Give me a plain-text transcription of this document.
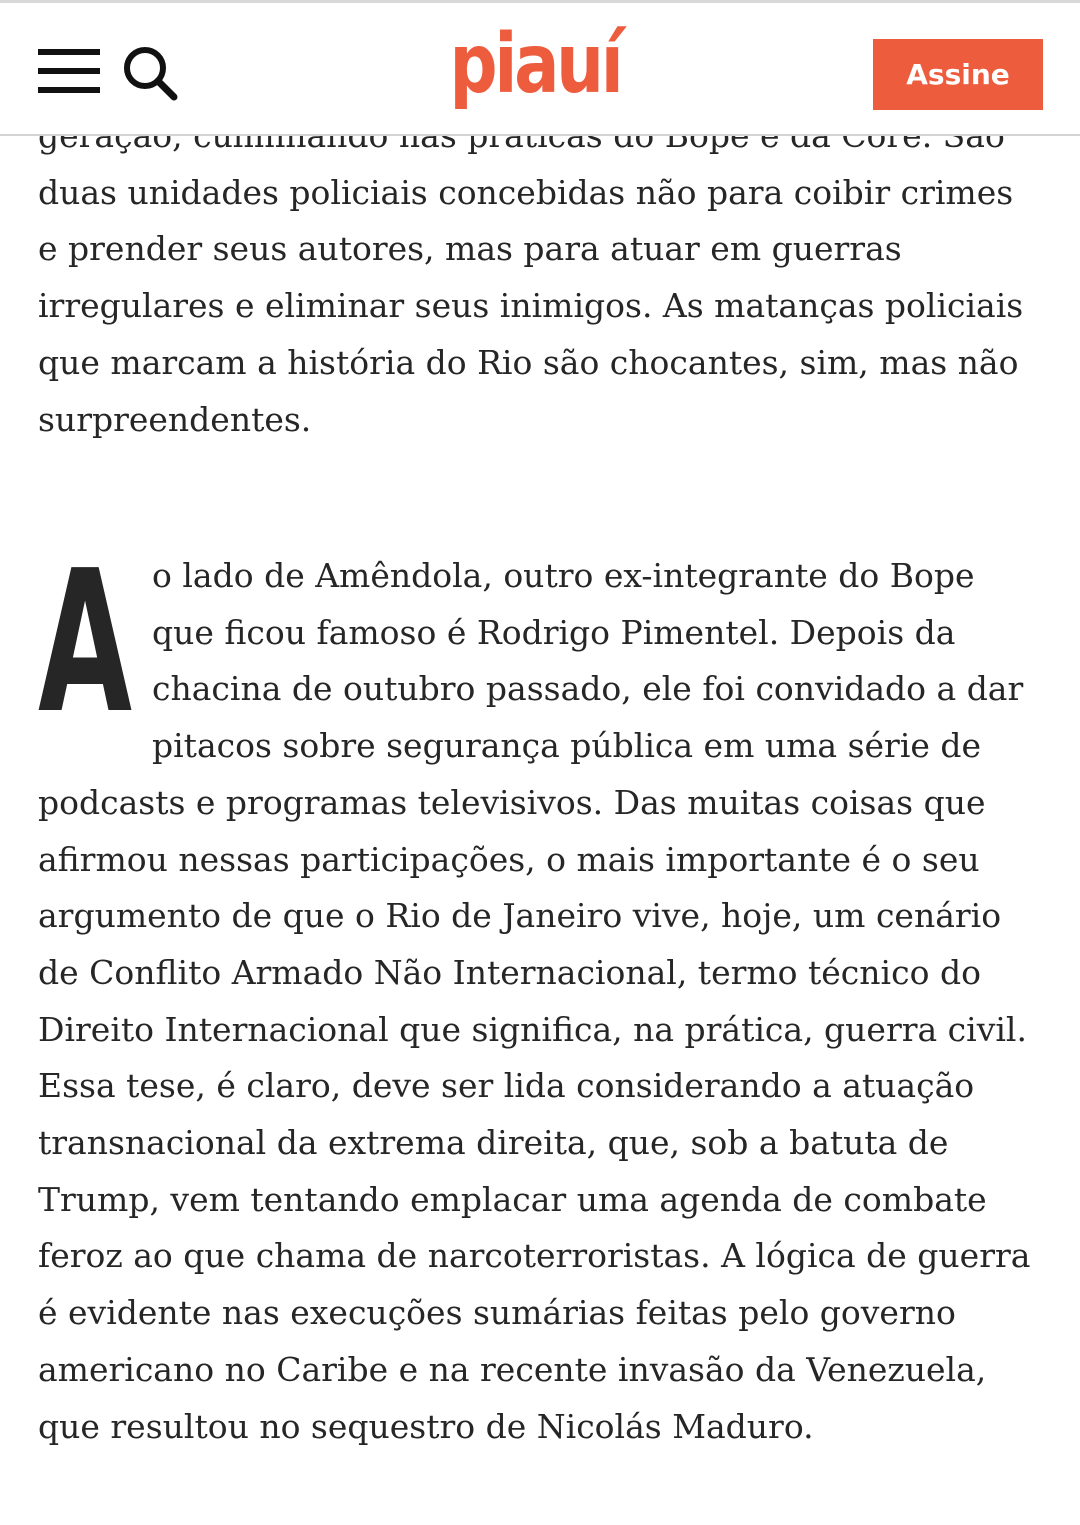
piauí	Assine

duas unidades policiais concebidas não para coibir crimes e prender seus autores, mas para atuar em guerras irregulares e eliminar seus inimigos. As matanças policiais que marcam a história do Rio são chocantes, sim, mas não surpreendentes.

A o lado de Amêndola, outro ex-integrante do Bope que ficou famoso é Rodrigo Pimentel. Depois da chacina de outubro passado, ele foi convidado a dar pitacos sobre segurança pública em uma série de podcasts e programas televisivos. Das muitas coisas que afirmou nessas participações, o mais importante é o seu argumento de que o Rio de Janeiro vive, hoje, um cenário de Conflito Armado Não Internacional, termo técnico do Direito Internacional que significa, na prática, guerra civil. Essa tese, é claro, deve ser lida considerando a atuação transnacional da extrema direita, que, sob a batuta de Trump, vem tentando emplacar uma agenda de combate feroz ao que chama de narcoterroristas. A lógica de guerra é evidente nas execuções sumárias feitas pelo governo americano no Caribe e na recente invasão da Venezuela, que resultou no sequestro de Nicolás Maduro.
